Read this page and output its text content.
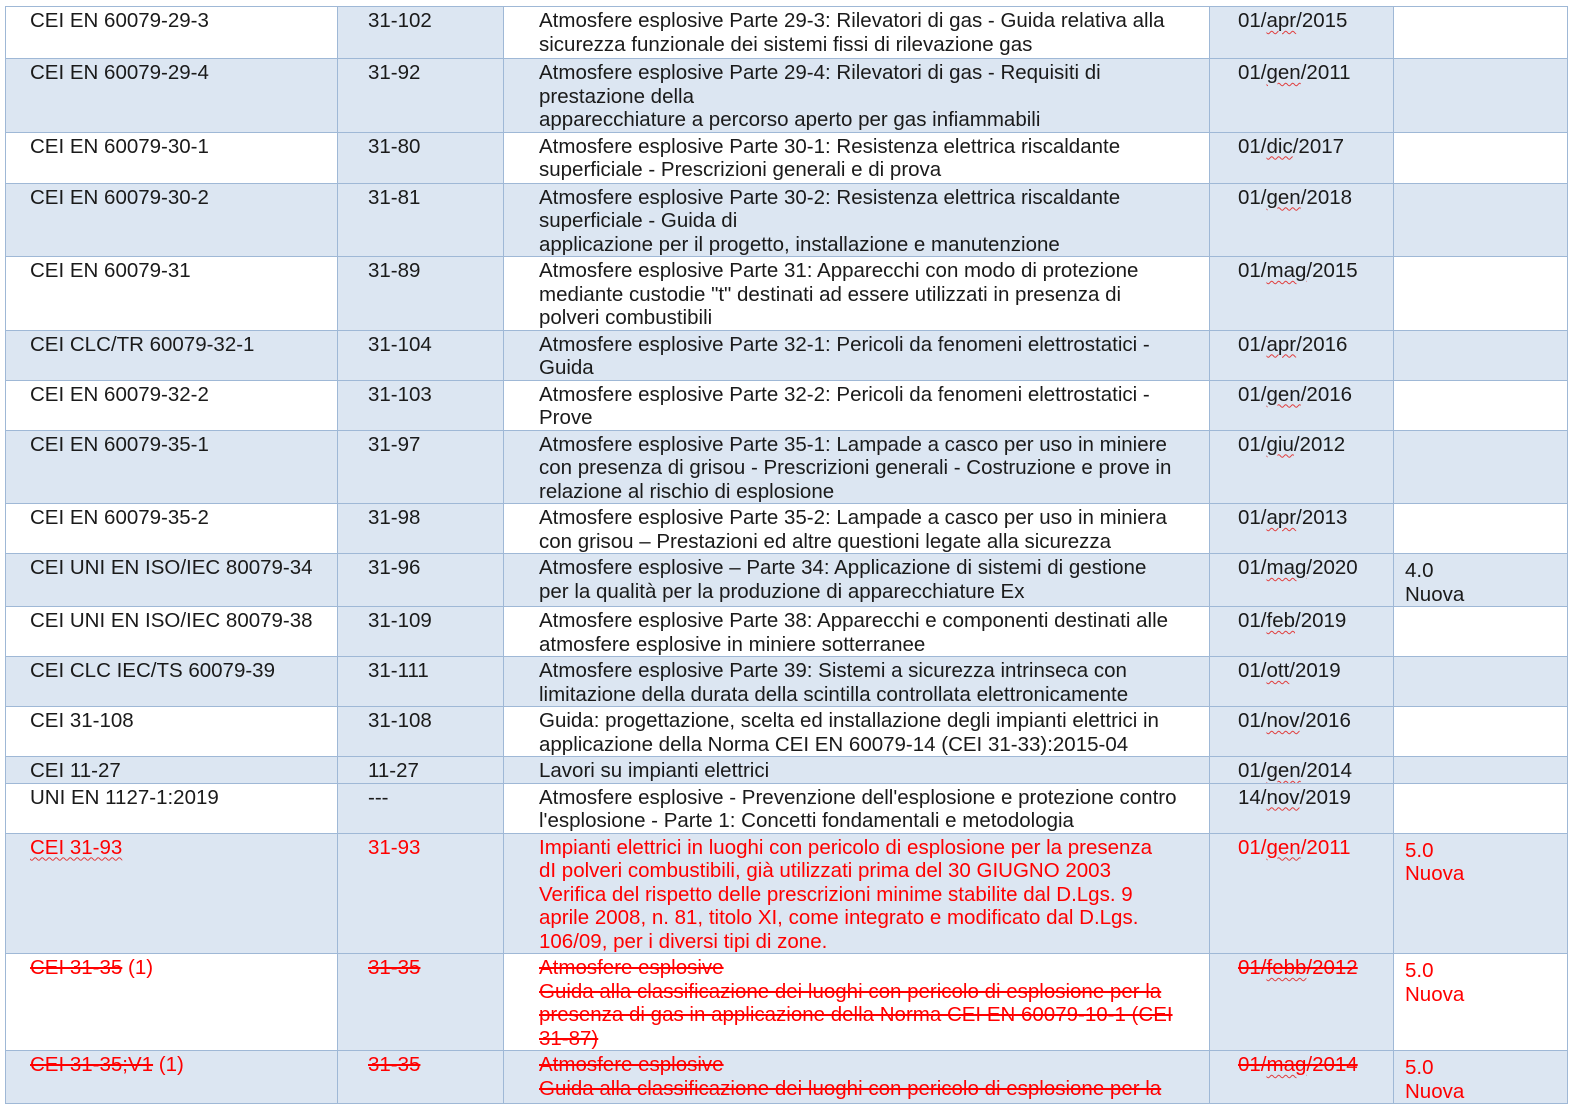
CEI EN 60079-29-3	31-102	Atmosfere esplosive Parte 29-3: Rilevatori di gas - Guida relativa alla
sicurezza funzionale dei sistemi fissi di rilevazione gas	01/apr/2015	
CEI EN 60079-29-4	31-92	Atmosfere esplosive Parte 29-4: Rilevatori di gas - Requisiti di
prestazione della
apparecchiature a percorso aperto per gas infiammabili	01/gen/2011	
CEI EN 60079-30-1	31-80	Atmosfere esplosive Parte 30-1: Resistenza elettrica riscaldante
superficiale - Prescrizioni generali e di prova	01/dic/2017	
CEI EN 60079-30-2	31-81	Atmosfere esplosive Parte 30-2: Resistenza elettrica riscaldante
superficiale - Guida di
applicazione per il progetto, installazione e manutenzione	01/gen/2018	
CEI EN 60079-31	31-89	Atmosfere esplosive Parte 31: Apparecchi con modo di protezione
mediante custodie "t" destinati ad essere utilizzati in presenza di
polveri combustibili	01/mag/2015	
CEI CLC/TR 60079-32-1	31-104	Atmosfere esplosive Parte 32-1: Pericoli da fenomeni elettrostatici -
Guida	01/apr/2016	
CEI EN 60079-32-2	31-103	Atmosfere esplosive Parte 32-2: Pericoli da fenomeni elettrostatici -
Prove	01/gen/2016	
CEI EN 60079-35-1	31-97	Atmosfere esplosive Parte 35-1: Lampade a casco per uso in miniere
con presenza di grisou - Prescrizioni generali - Costruzione e prove in
relazione al rischio di esplosione	01/giu/2012	
CEI EN 60079-35-2	31-98	Atmosfere esplosive Parte 35-2: Lampade a casco per uso in miniera
con grisou – Prestazioni ed altre questioni legate alla sicurezza	01/apr/2013	
CEI UNI EN ISO/IEC 80079-34	31-96	Atmosfere esplosive – Parte 34: Applicazione di sistemi di gestione
per la qualità per la produzione di apparecchiature Ex	01/mag/2020	4.0
Nuova
CEI UNI EN ISO/IEC 80079-38	31-109	Atmosfere esplosive Parte 38: Apparecchi e componenti destinati alle
atmosfere esplosive in miniere sotterranee	01/feb/2019	
CEI CLC IEC/TS 60079-39	31-111	Atmosfere esplosive Parte 39: Sistemi a sicurezza intrinseca con
limitazione della durata della scintilla controllata elettronicamente	01/ott/2019	
CEI 31-108	31-108	Guida: progettazione, scelta ed installazione degli impianti elettrici in
applicazione della Norma CEI EN 60079-14 (CEI 31-33):2015-04	01/nov/2016	
CEI 11-27	11-27	Lavori su impianti elettrici	01/gen/2014	
UNI EN 1127-1:2019	---	Atmosfere esplosive - Prevenzione dell'esplosione e protezione contro
l'esplosione - Parte 1: Concetti fondamentali e metodologia	14/nov/2019	
CEI 31-93	31-93	Impianti elettrici in luoghi con pericolo di esplosione per la presenza
dI polveri combustibili, già utilizzati prima del 30 GIUGNO 2003
Verifica del rispetto delle prescrizioni minime stabilite dal D.Lgs. 9
aprile 2008, n. 81, titolo XI, come integrato e modificato dal D.Lgs.
106/09, per i diversi tipi di zone.	01/gen/2011	5.0
Nuova
CEI 31-35 (1)	31-35	Atmosfere esplosive
Guida alla classificazione dei luoghi con pericolo di esplosione per la
presenza di gas in applicazione della Norma CEI EN 60079-10-1 (CEI
31-87)	01/febb/2012	5.0
Nuova
CEI 31-35;V1 (1)	31-35	Atmosfere esplosive
Guida alla classificazione dei luoghi con pericolo di esplosione per la	01/mag/2014	5.0
Nuova
